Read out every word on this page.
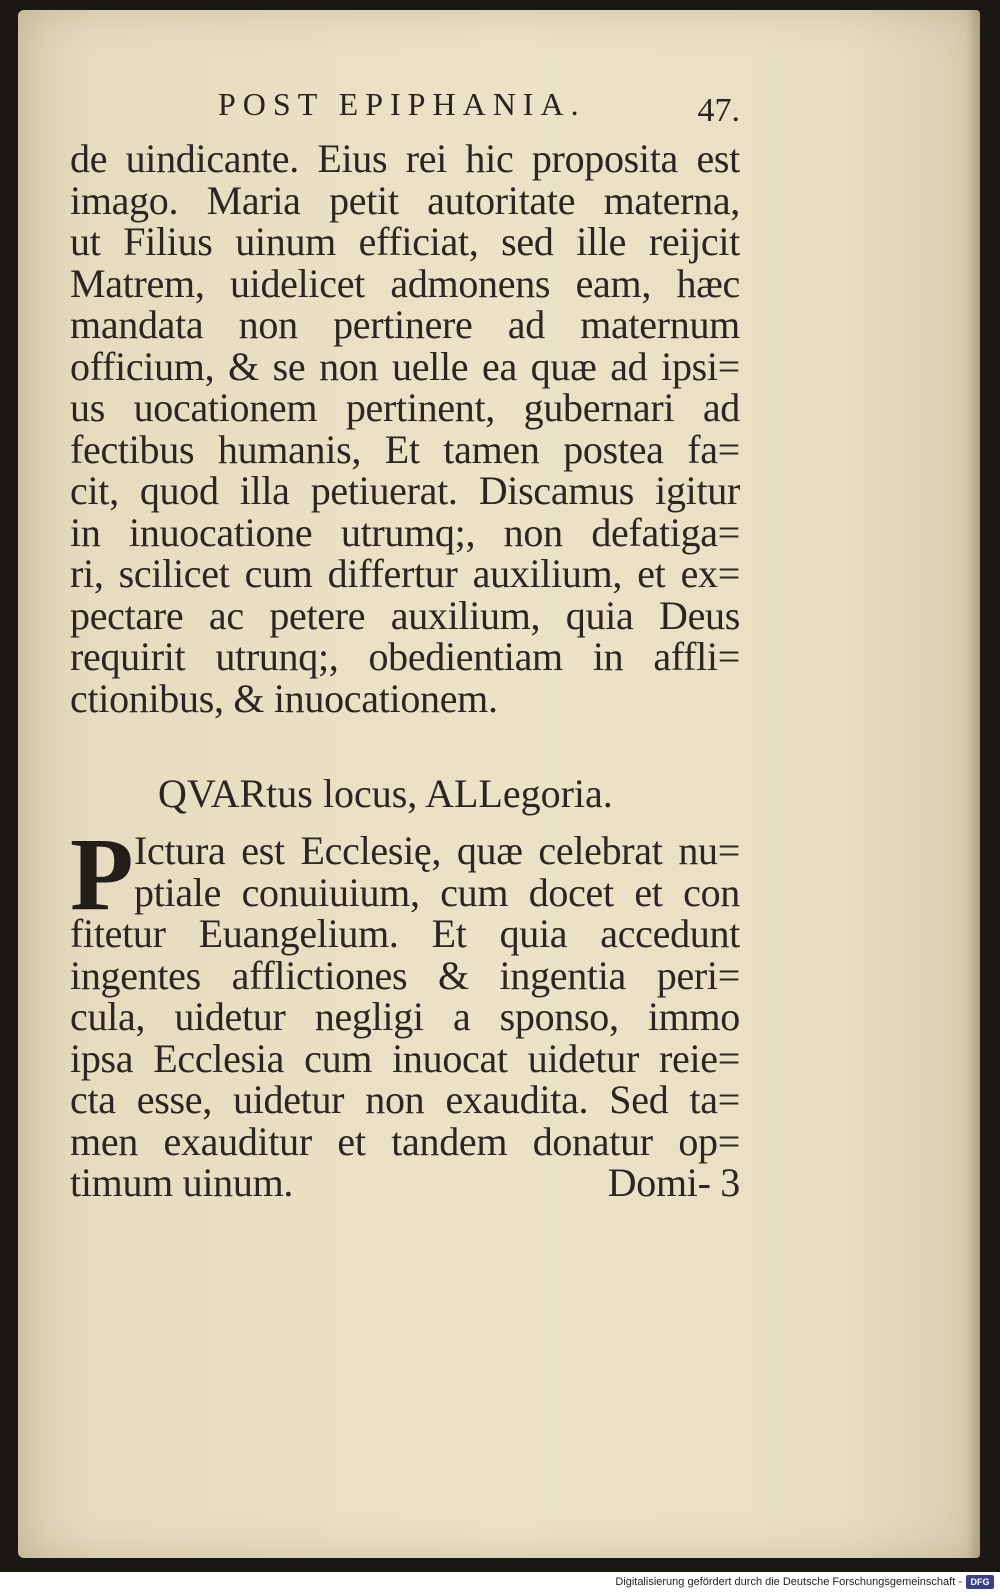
POST EPIPHANIA.	47.
de uindicante. Eius rei hic proposita est
imago. Maria petit autoritate materna,
ut Filius uinum efficiat, sed ille reijcit
Matrem, uidelicet admonens eam, hæc
mandata non pertinere ad maternum
officium, & se non uelle ea quæ ad ipsi=
us uocationem pertinent, gubernari ad
fectibus humanis, Et tamen postea fa=
cit, quod illa petiuerat. Discamus igitur
in inuocatione utrumq;, non defatiga=
ri, scilicet cum differtur auxilium, et ex=
pectare ac petere auxilium, quia Deus
requirit utrunq;, obedientiam in affli=
ctionibus, & inuocationem.
QVARtus locus, ALLegoria.
P Ictura est Ecclesię, quæ celebrat nu=
ptiale conuiuium, cum docet et con
fitetur Euangelium. Et quia accedunt
ingentes afflictiones & ingentia peri=
cula, uidetur negligi a sponso, immo
ipsa Ecclesia cum inuocat uidetur reie=
cta esse, uidetur non exaudita. Sed ta=
men exauditur et tandem donatur op=
timum uinum.	Domi- 3
Digitalisierung gefördert durch die Deutsche Forschungsgemeinschaft - DFG
